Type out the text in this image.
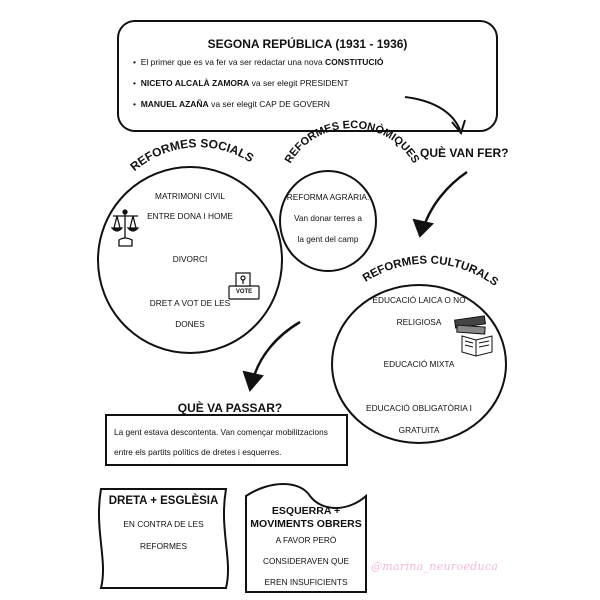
REFORMES SOCIALS REFORMES ECONÒMIQUES
REFORMES CULTURALS
SEGONA REPÚBLICA (1931 - 1936)
•  El primer que es va fer va ser redactar una nova CONSTITUCIÓ
•  NICETO ALCALÀ ZAMORA va ser elegit PRESIDENT
•  MANUEL AZAÑA va ser elegit CAP DE GOVERN
QUÈ VAN FER?
MATRIMONI CIVIL
ENTRE DONA I HOME
DIVORCI
DRET A VOT DE LES
DONES
VOTE
REFORMA AGRÀRIA.
Van donar terres a
la gent del camp
EDUCACIÓ LAICA O NO
RELIGIOSA
EDUCACIÓ MIXTA
EDUCACIÓ OBLIGATÒRIA I
GRATUITA
QUÈ VA PASSAR?
La gent estava descontenta. Van començar mobilitzacions
entre els partits polítics de dretes i esquerres.
DRETA + ESGLÈSIA
EN CONTRA DE LES
REFORMES
ESQUERRA +
MOVIMENTS OBRERS
A FAVOR PERÒ
CONSIDERAVEN QUE
EREN INSUFICIENTS
@marina_neuroeduca
